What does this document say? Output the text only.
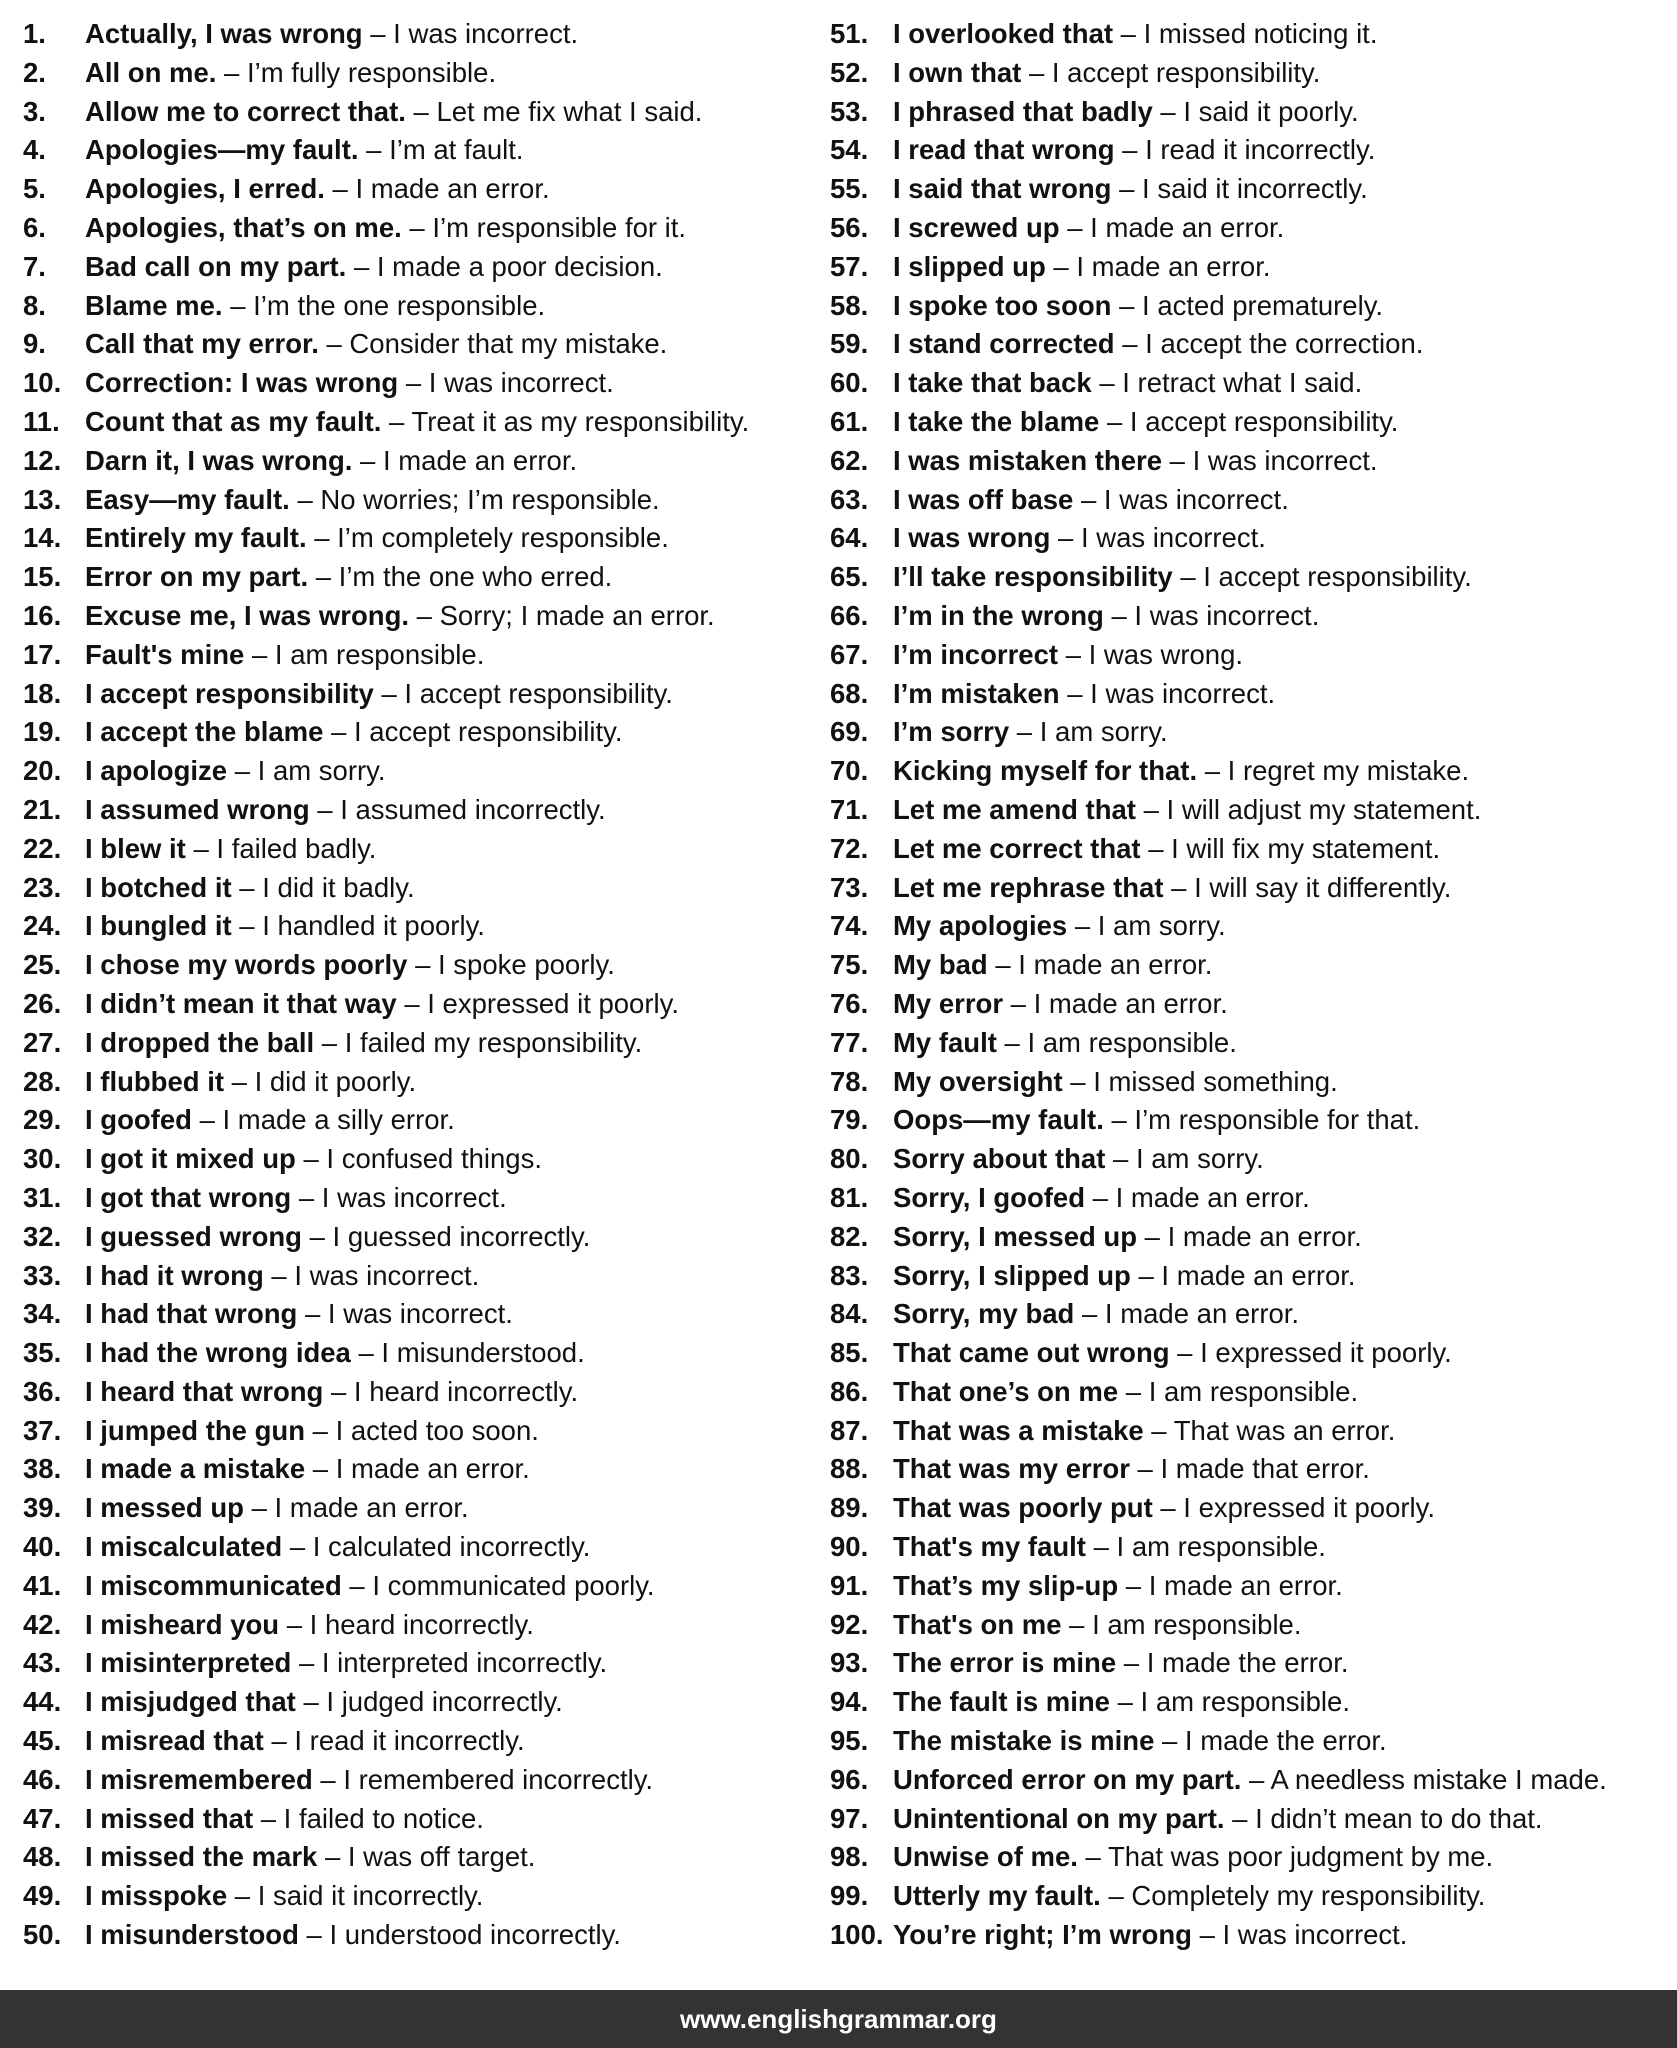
1. Actually, I was wrong – I was incorrect.
2. All on me. – I’m fully responsible.
3. Allow me to correct that. – Let me fix what I said.
4. Apologies—my fault. – I’m at fault.
5. Apologies, I erred. – I made an error.
6. Apologies, that’s on me. – I’m responsible for it.
7. Bad call on my part. – I made a poor decision.
8. Blame me. – I’m the one responsible.
9. Call that my error. – Consider that my mistake.
10. Correction: I was wrong – I was incorrect.
11. Count that as my fault. – Treat it as my responsibility.
12. Darn it, I was wrong. – I made an error.
13. Easy—my fault. – No worries; I’m responsible.
14. Entirely my fault. – I’m completely responsible.
15. Error on my part. – I’m the one who erred.
16. Excuse me, I was wrong. – Sorry; I made an error.
17. Fault's mine – I am responsible.
18. I accept responsibility – I accept responsibility.
19. I accept the blame – I accept responsibility.
20. I apologize – I am sorry.
21. I assumed wrong – I assumed incorrectly.
22. I blew it – I failed badly.
23. I botched it – I did it badly.
24. I bungled it – I handled it poorly.
25. I chose my words poorly – I spoke poorly.
26. I didn’t mean it that way – I expressed it poorly.
27. I dropped the ball – I failed my responsibility.
28. I flubbed it – I did it poorly.
29. I goofed – I made a silly error.
30. I got it mixed up – I confused things.
31. I got that wrong – I was incorrect.
32. I guessed wrong – I guessed incorrectly.
33. I had it wrong – I was incorrect.
34. I had that wrong – I was incorrect.
35. I had the wrong idea – I misunderstood.
36. I heard that wrong – I heard incorrectly.
37. I jumped the gun – I acted too soon.
38. I made a mistake – I made an error.
39. I messed up – I made an error.
40. I miscalculated – I calculated incorrectly.
41. I miscommunicated – I communicated poorly.
42. I misheard you – I heard incorrectly.
43. I misinterpreted – I interpreted incorrectly.
44. I misjudged that – I judged incorrectly.
45. I misread that – I read it incorrectly.
46. I misremembered – I remembered incorrectly.
47. I missed that – I failed to notice.
48. I missed the mark – I was off target.
49. I misspoke – I said it incorrectly.
50. I misunderstood – I understood incorrectly.
51. I overlooked that – I missed noticing it.
52. I own that – I accept responsibility.
53. I phrased that badly – I said it poorly.
54. I read that wrong – I read it incorrectly.
55. I said that wrong – I said it incorrectly.
56. I screwed up – I made an error.
57. I slipped up – I made an error.
58. I spoke too soon – I acted prematurely.
59. I stand corrected – I accept the correction.
60. I take that back – I retract what I said.
61. I take the blame – I accept responsibility.
62. I was mistaken there – I was incorrect.
63. I was off base – I was incorrect.
64. I was wrong – I was incorrect.
65. I’ll take responsibility – I accept responsibility.
66. I’m in the wrong – I was incorrect.
67. I’m incorrect – I was wrong.
68. I’m mistaken – I was incorrect.
69. I’m sorry – I am sorry.
70. Kicking myself for that. – I regret my mistake.
71. Let me amend that – I will adjust my statement.
72. Let me correct that – I will fix my statement.
73. Let me rephrase that – I will say it differently.
74. My apologies – I am sorry.
75. My bad – I made an error.
76. My error – I made an error.
77. My fault – I am responsible.
78. My oversight – I missed something.
79. Oops—my fault. – I’m responsible for that.
80. Sorry about that – I am sorry.
81. Sorry, I goofed – I made an error.
82. Sorry, I messed up – I made an error.
83. Sorry, I slipped up – I made an error.
84. Sorry, my bad – I made an error.
85. That came out wrong – I expressed it poorly.
86. That one’s on me – I am responsible.
87. That was a mistake – That was an error.
88. That was my error – I made that error.
89. That was poorly put – I expressed it poorly.
90. That's my fault – I am responsible.
91. That’s my slip-up – I made an error.
92. That's on me – I am responsible.
93. The error is mine – I made the error.
94. The fault is mine – I am responsible.
95. The mistake is mine – I made the error.
96. Unforced error on my part. – A needless mistake I made.
97. Unintentional on my part. – I didn’t mean to do that.
98. Unwise of me. – That was poor judgment by me.
99. Utterly my fault. – Completely my responsibility.
100. You’re right; I’m wrong – I was incorrect.
www.englishgrammar.org
